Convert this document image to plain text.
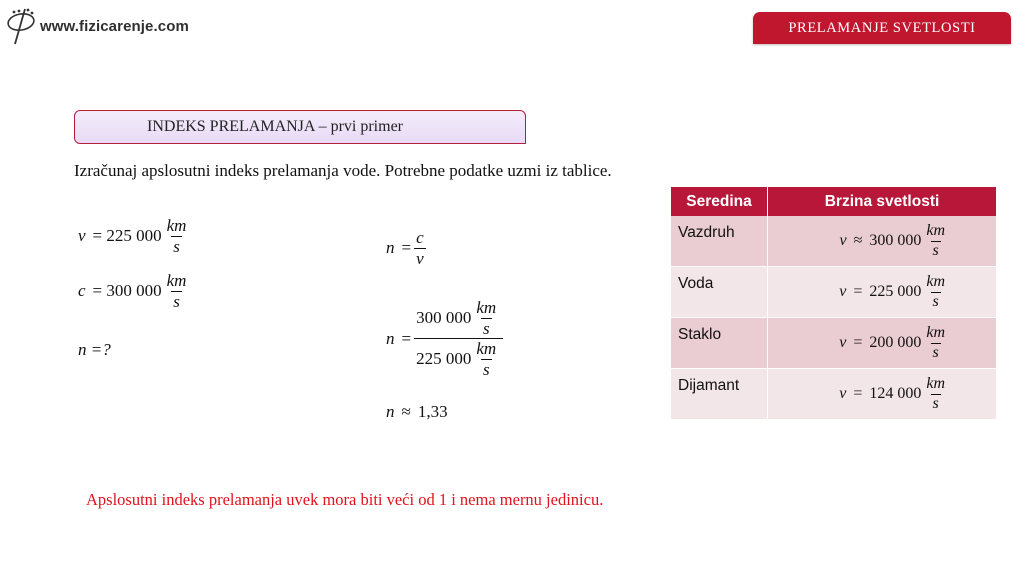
www.fizicarenje.com	PRELAMANJE SVETLOSTI
INDEKS PRELAMANJA – prvi primer
Izračunaj apslosutni indeks prelamanja vode. Potrebne podatke uzmi iz tablice.
v = 225 $000 \frac{km}{s}$
c = 300 $000 \frac{km}{s}$
n =?
$n = \frac{c}{v}$
$n = \frac{300 000 \frac{km}{s}}{225 000 \frac{km}{s}}$
n ≈ 1,33
Seredina	Brzina svetlosti
Vazdruh	v ≈ 300 $000 \frac{km}{s}$

Voda	v = 225 $000 \frac{km}{s}$

Staklo	v = 200 $000 \frac{km}{s}$

Dijamant	v = 124 $000 \frac{km}{s}$
Apslosutni indeks prelamanja uvek mora biti veći od 1 i nema mernu jedinicu.
